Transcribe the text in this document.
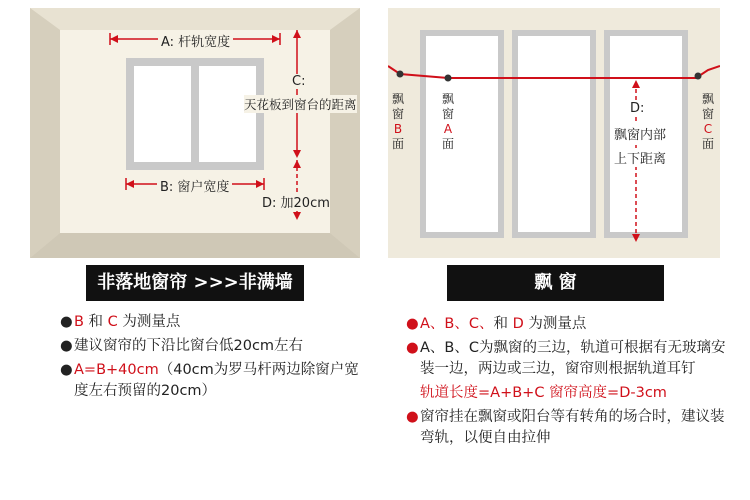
A: 杆轨宽度
B: 窗户宽度
C:
天花板到窗台的距离
D: 加20cm
D:
飘窗内部
上下距离
飘
窗
A
面
飘
窗
B
面
飘
窗
C
面
非落地窗帘 >>>非满墙	飘 窗
● B 和 C 为测量点
● 建议窗帘的下沿比窗台低20cm左右
● A=B+40cm（40cm为罗马杆两边除窗户宽度左右预留的20cm）
● A、B、C、和 D 为测量点
● A、B、C为飘窗的三边，轨道可根据有无玻璃安装一边，两边或三边，窗帘则根据轨道耳钉
轨道长度=A+B+C 窗帘高度=D-3cm
● 窗帘挂在飘窗或阳台等有转角的场合时，建议装弯轨，以便自由拉伸
